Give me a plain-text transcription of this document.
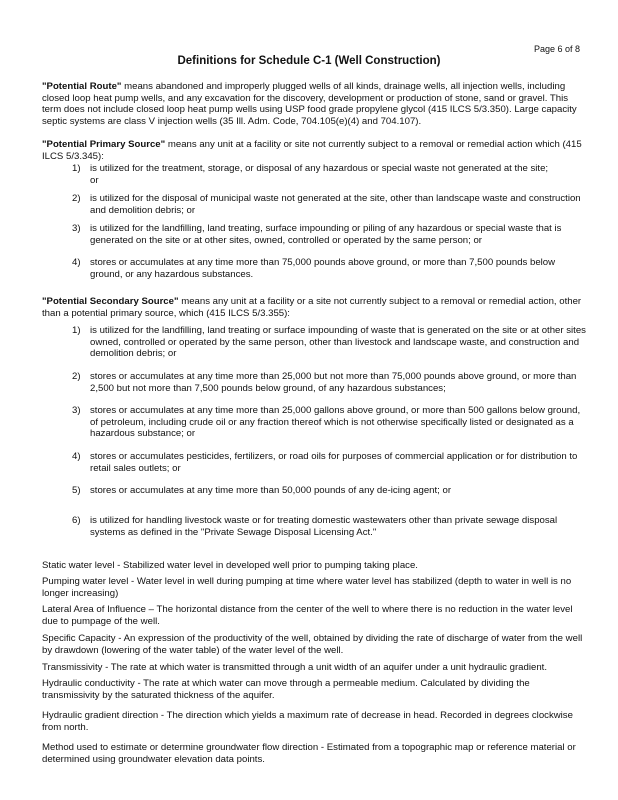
Page 6 of 8
Definitions for Schedule C-1 (Well Construction)
"Potential Route" means abandoned and improperly plugged wells of all kinds, drainage wells, all injection wells, including closed loop heat pump wells, and any excavation for the discovery, development or production of stone, sand or gravel. This term does not include closed loop heat pump wells using USP food grade propylene glycol (415 ILCS 5/3.350). Large capacity septic systems are class V injection wells (35 Ill. Adm. Code, 704.105(e)(4) and 704.107).
"Potential Primary Source" means any unit at a facility or site not currently subject to a removal or remedial action which (415 ILCS 5/3.345):
1) is utilized for the treatment, storage, or disposal of any hazardous or special waste not generated at the site;
or
2) is utilized for the disposal of municipal waste not generated at the site, other than landscape waste and construction and demolition debris; or
3) is utilized for the landfilling, land treating, surface impounding or piling of any hazardous or special waste that is generated on the site or at other sites, owned, controlled or operated by the same person; or
4) stores or accumulates at any time more than 75,000 pounds above ground, or more than 7,500 pounds below ground, or any hazardous substances.
"Potential Secondary Source" means any unit at a facility or a site not currently subject to a removal or remedial action, other than a potential primary source, which (415 ILCS 5/3.355):
1) is utilized for the landfilling, land treating or surface impounding of waste that is generated on the site or at other sites owned, controlled or operated by the same person, other than livestock and landscape waste, and construction and demolition debris; or
2) stores or accumulates at any time more than 25,000 but not more than 75,000 pounds above ground, or more than 2,500 but not more than 7,500 pounds below ground, of any hazardous substances;
3) stores or accumulates at any time more than 25,000 gallons above ground, or more than 500 gallons below ground, of petroleum, including crude oil or any fraction thereof which is not otherwise specifically listed or designated as a hazardous substance; or
4) stores or accumulates pesticides, fertilizers, or road oils for purposes of commercial application or for distribution to retail sales outlets; or
5) stores or accumulates at any time more than 50,000 pounds of any de-icing agent; or
6) is utilized for handling livestock waste or for treating domestic wastewaters other than private sewage disposal systems as defined in the "Private Sewage Disposal Licensing Act."
Static water level - Stabilized water level in developed well prior to pumping taking place.
Pumping water level - Water level in well during pumping at time where water level has stabilized (depth to water in well is no longer increasing)
Lateral Area of Influence – The horizontal distance from the center of the well to where there is no reduction in the water level due to pumpage of the well.
Specific Capacity - An expression of the productivity of the well, obtained by dividing the rate of discharge of water from the well by drawdown (lowering of the water table) of the water level of the well.
Transmissivity - The rate at which water is transmitted through a unit width of an aquifer under a unit hydraulic gradient.
Hydraulic conductivity - The rate at which water can move through a permeable medium. Calculated by dividing the transmissivity by the saturated thickness of the aquifer.
Hydraulic gradient direction - The direction which yields a maximum rate of decrease in head. Recorded in degrees clockwise from north.
Method used to estimate or determine groundwater flow direction - Estimated from a topographic map or reference material or determined using groundwater elevation data points.
